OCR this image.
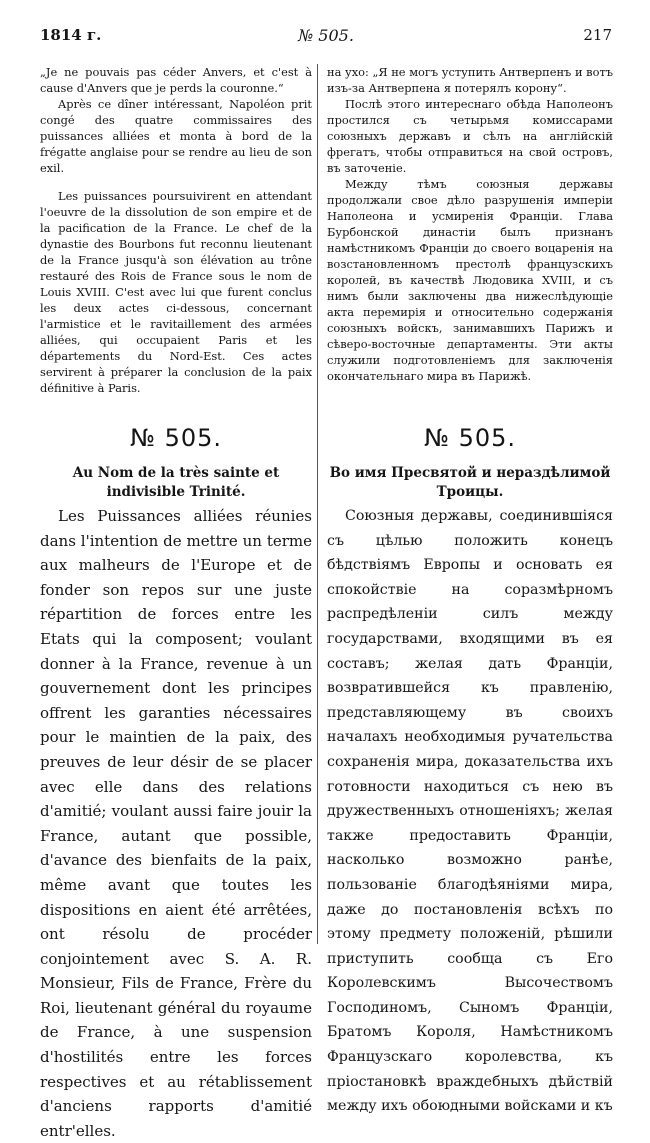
1814 г.	№ 505.	217

„Je ne pouvais pas céder Anvers, et c'est à cause d'Anvers que je perds la couronne.“

Après ce dîner intéressant, Napoléon prit congé des quatre commissaires des puissances alliées et monta à bord de la frégatte anglaise pour se rendre au lieu de son exil.

Les puissances poursuivirent en attendant l'oeuvre de la dissolution de son empire et de la pacification de la France. Le chef de la dynastie des Bourbons fut reconnu lieutenant de la France jusqu'à son élévation au trône restauré des Rois de France sous le nom de Louis XVIII. C'est avec lui que furent conclus les deux actes ci-dessous, concernant l'armistice et le ravitaillement des armées alliées, qui occupaient Paris et les départements du Nord-Est. Ces actes servirent à préparer la conclusion de la paix définitive à Paris.

№ 505.

Au Nom de la très sainte et indivisible Trinité.

Les Puissances alliées réunies dans l'intention de mettre un terme aux malheurs de l'Europe et de fonder son repos sur une juste répartition de forces entre les Etats qui la composent; voulant donner à la France, revenue à un gouvernement dont les principes offrent les garanties nécessaires pour le maintien de la paix, des preuves de leur désir de se placer avec elle dans des relations d'amitié; voulant aussi faire jouir la France, autant que possible, d'avance des bienfaits de la paix, même avant que toutes les dispositions en aient été arrêtées, ont résolu de procéder conjointement avec S. A. R. Monsieur, Fils de France, Frère du Roi, lieutenant général du royaume de France, à une suspension d'hostilités entre les forces respectives et au rétablissement d'anciens rapports d'amitié entr'elles.

на ухо: „Я не могъ уступить Антверпенъ и вотъ изъ-за Антверпена я потерялъ корону“.

Послѣ этого интереснаго обѣда Наполеонъ простился съ четырьмя комиссарами союзныхъ державъ и сѣлъ на англійскій фрегатъ, чтобы отправиться на свой островъ, въ заточеніе.

Между тѣмъ союзныя державы продолжали свое дѣло разрушенія имперіи Наполеона и усмиренія Франціи. Глава Бурбонской династіи былъ признанъ намѣстникомъ Франціи до своего воцаренія на возстановленномъ престолѣ французскихъ королей, въ качествѣ Людовика XVIII, и съ нимъ были заключены два нижеслѣдующіе акта перемирія и относительно содержанія союзныхъ войскъ, занимавшихъ Парижъ и сѣверо-восточные департаменты. Эти акты служили подготовленіемъ для заключенія окончательнаго мира въ Парижѣ.

№ 505.

Во имя Пресвятой и нераздѣлимой Троицы.

Союзныя державы, соединившіяся съ цѣлью положить конецъ бѣдствіямъ Европы и основать ея спокойствіе на соразмѣрномъ распредѣленіи силъ между государствами, входящими въ ея составъ; желая дать Франціи, возвратившейся къ правленію, представляющему въ своихъ началахъ необходимыя ручательства сохраненія мира, доказательства ихъ готовности находиться съ нею въ дружественныхъ отношеніяхъ; желая также предоставить Франціи, насколько возможно ранѣе, пользованіе благодѣяніями мира, даже до постановленія всѣхъ по этому предмету положеній, рѣшили приступить сообща съ Его Королевскимъ Высочествомъ Господиномъ, Сыномъ Франціи, Братомъ Короля, Намѣстникомъ Французскаго королевства, къ пріостановкѣ враждебныхъ дѣйствій между ихъ обоюдными войсками и къ
